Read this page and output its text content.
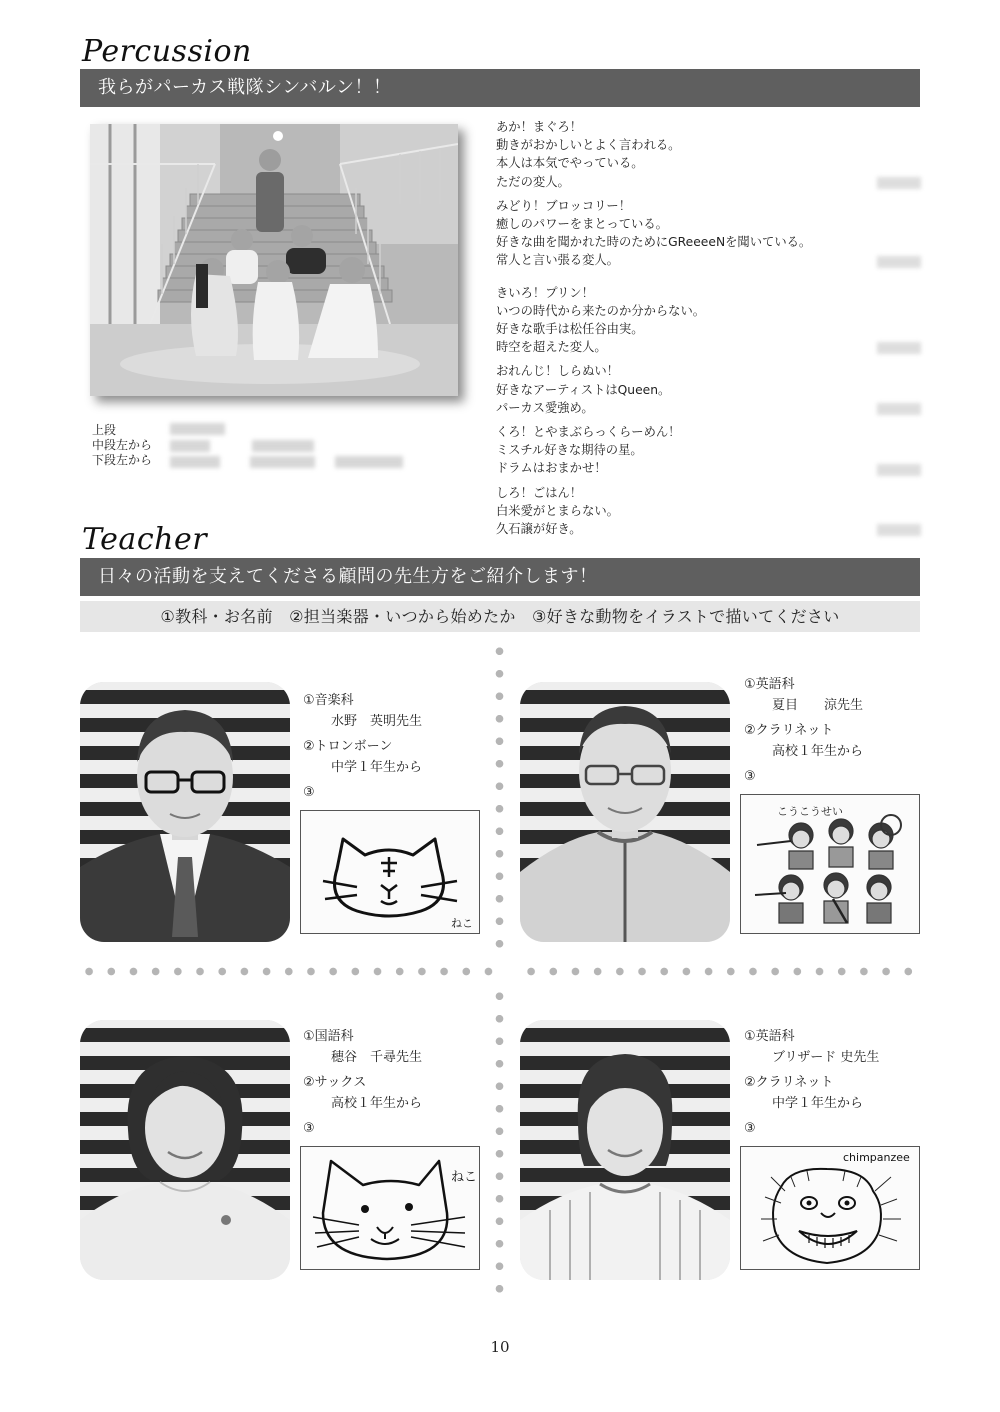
Percussion
我らがパーカス戦隊シンバルン！！
上段
中段左から
下段左から
あか！まぐろ！
動きがおかしいとよく言われる。
本人は本気でやっている。
ただの変人。
みどり！ブロッコリー！
癒しのパワーをまとっている。
好きな曲を聞かれた時のためにGReeeeNを聞いている。
常人と言い張る変人。
きいろ！プリン！
いつの時代から来たのか分からない。
好きな歌手は松任谷由実。
時空を超えた変人。
おれんじ！しらぬい！
好きなアーティストはQueen。
パーカス愛強め。
くろ！とやまぶらっくらーめん！
ミスチル好きな期待の星。
ドラムはおまかせ！
しろ！ごはん！
白米愛がとまらない。
久石譲が好き。
Teacher
日々の活動を支えてくださる顧問の先生方をご紹介します！
①教科・お名前　②担当楽器・いつから始めたか　③好きな動物をイラストで描いてください
①音楽科
水野　英明先生
②トロンボーン
中学１年生から
③
ねこ
①英語科
夏目　　涼先生
②クラリネット
高校１年生から
③
こうこうせい
①国語科
穂谷　千尋先生
②サックス
高校１年生から
③
ねこ
①英語科
ブリザード 史先生
②クラリネット
中学１年生から
③
chimpanzee
10
